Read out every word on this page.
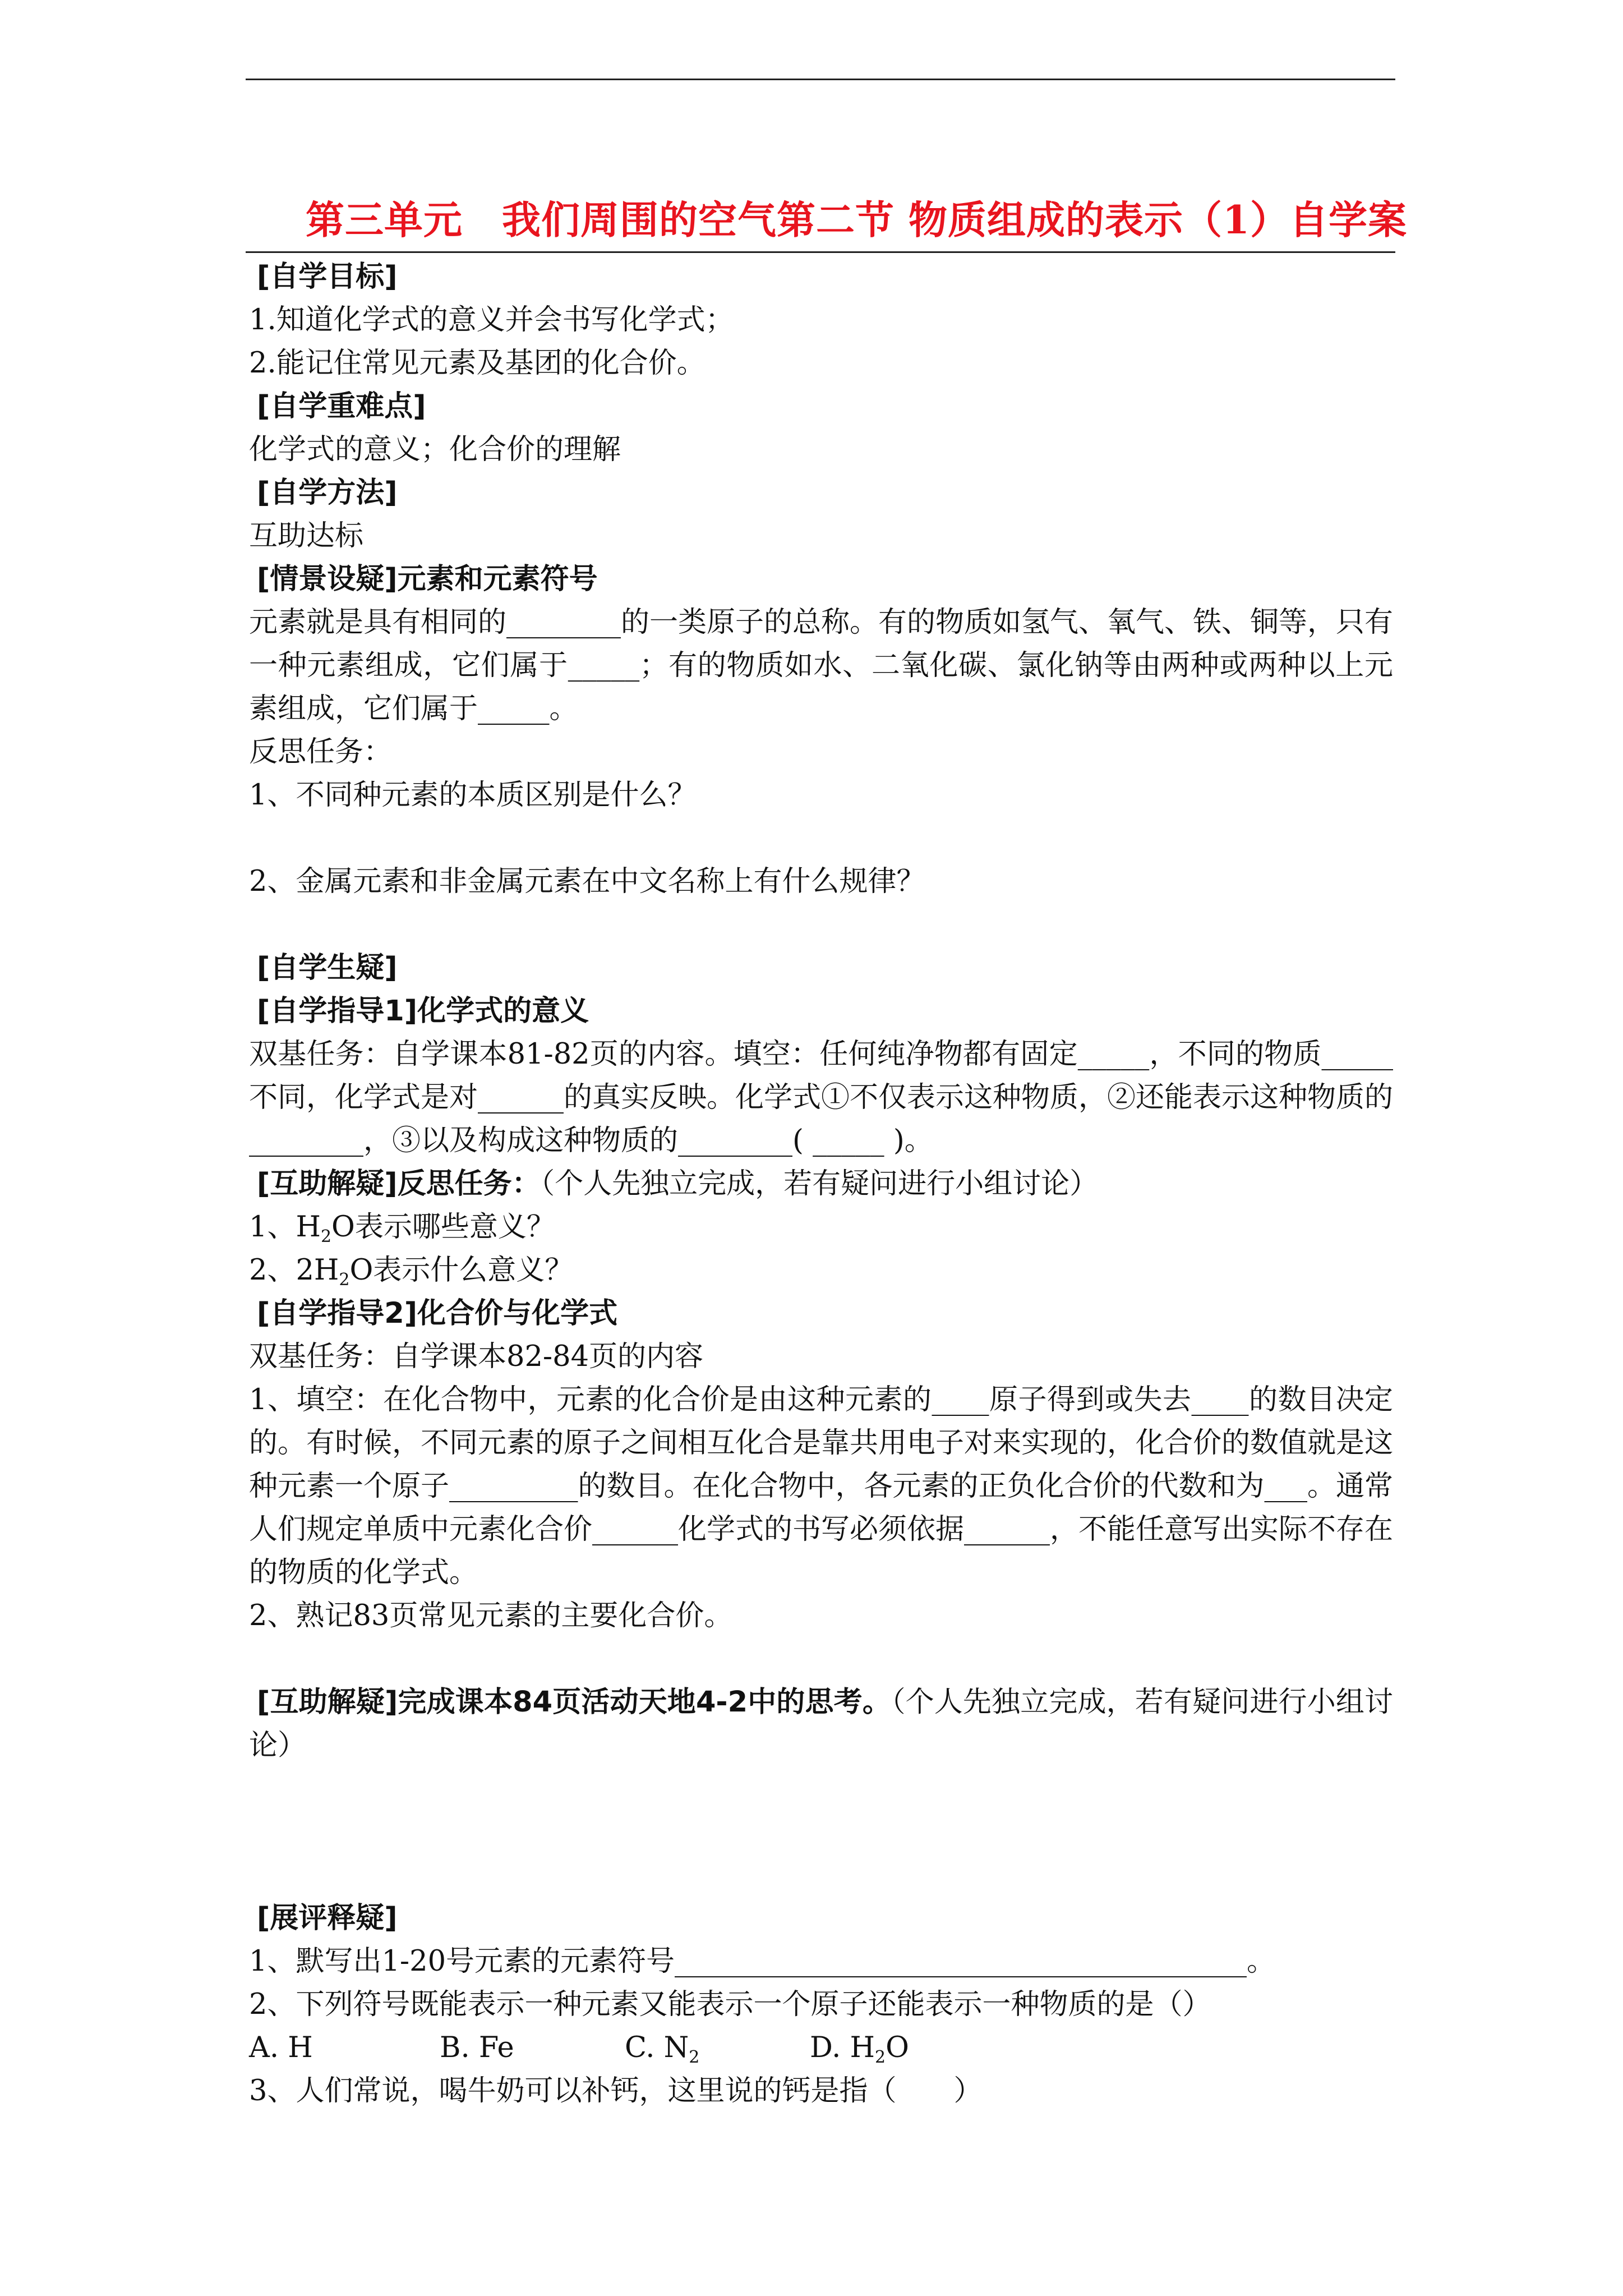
第三单元　我们周围的空气第二节 物质组成的表示（1）自学案
[自学目标]
1.知道化学式的意义并会书写化学式；
2.能记住常见元素及基团的化合价。
[自学重难点]
化学式的意义；化合价的理解
[自学方法]
互助达标
[情景设疑]元素和元素符号
元素就是具有相同的________的一类原子的总称。有的物质如氢气、氧气、铁、铜等，只有一种元素组成，它们属于_____；有的物质如水、二氧化碳、氯化钠等由两种或两种以上元素组成，它们属于_____。
反思任务：
1、不同种元素的本质区别是什么？
2、金属元素和非金属元素在中文名称上有什么规律？
[自学生疑]
[自学指导1]化学式的意义
双基任务：自学课本81-82页的内容。填空：任何纯净物都有固定_____，不同的物质_____不同，化学式是对______的真实反映。化学式①不仅表示这种物质，②还能表示这种物质的________，③以及构成这种物质的________( _____ )。
[互助解疑]反思任务：（个人先独立完成，若有疑问进行小组讨论）
1、$H_2O$表示哪些意义？
2、$2H_2O$表示什么意义？
[自学指导2]化合价与化学式
双基任务：自学课本82-84页的内容
1、填空：在化合物中，元素的化合价是由这种元素的____原子得到或失去____的数目决定的。有时候，不同元素的原子之间相互化合是靠共用电子对来实现的，化合价的数值就是这种元素一个原子_________的数目。在化合物中，各元素的正负化合价的代数和为___。通常人们规定单质中元素化合价______化学式的书写必须依据______，不能任意写出实际不存在的物质的化学式。
2、熟记83页常见元素的主要化合价。
[互助解疑]完成课本84页活动天地4-2中的思考。（个人先独立完成，若有疑问进行小组讨论）
[展评释疑]
1、默写出1-20号元素的元素符号________________________________________。
2、下列符号既能表示一种元素又能表示一个原子还能表示一种物质的是（）
A. H	B. Fe	C. $N_2$	D. $H_2O$
3、人们常说，喝牛奶可以补钙，这里说的钙是指（　　）
